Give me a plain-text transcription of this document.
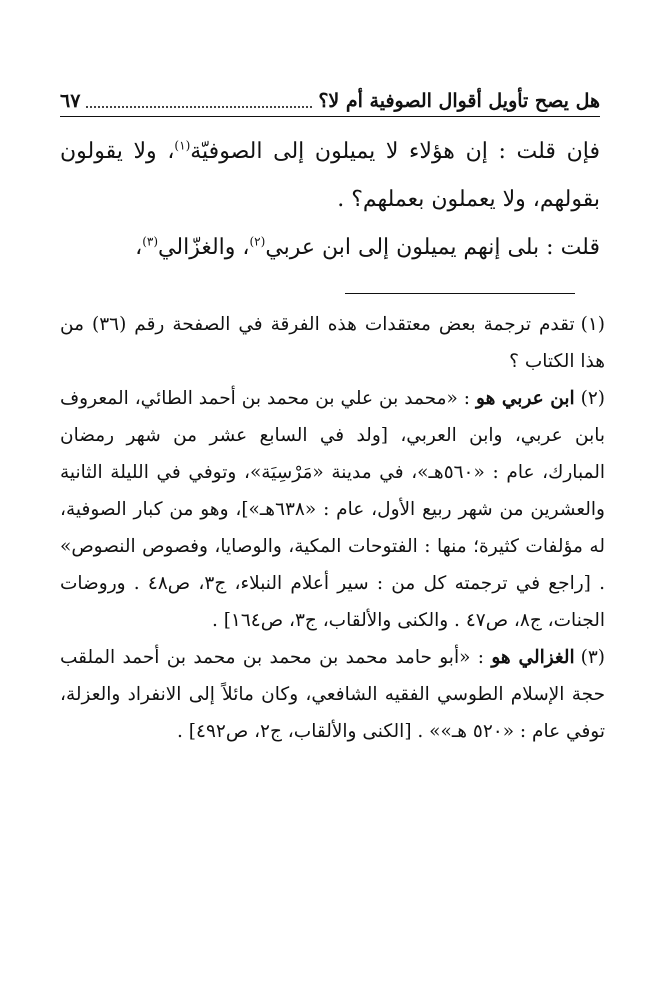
هل يصح تأويل أقوال الصوفية أم لا؟
٦٧

فإن قلت : إن هؤلاء لا يميلون إلى الصوفيّة$^{(١)}$، ولا يقولون بقولهم، ولا يعملون بعملهم؟ .

قلت : بلى إنهم يميلون إلى ابن عربي$^{(٢)}$، والغزّالي$^{(٣)}$،

(١)تقدم ترجمة بعض معتقدات هذه الفرقة في الصفحة رقم (٣٦) من هذا الكتاب ؟

(٢)ابن عربي هو : «محمد بن علي بن محمد بن أحمد الطائي، المعروف بابن عربي، وابن العربي، [ولد في السابع عشر من شهر رمضان المبارك، عام : «٥٦٠هـ»، في مدينة «مَرْسِيَة»، وتوفي في الليلة الثانية والعشرين من شهر ربيع الأول، عام : «٦٣٨هـ»]، وهو من كبار الصوفية، له مؤلفات كثيرة؛ منها : الفتوحات المكية، والوصايا، وفصوص النصوص» . [راجع في ترجمته كل من : سير أعلام النبلاء، ج٣، ص٤٨ . وروضات الجنات، ج٨، ص٤٧ . والكنى والألقاب، ج٣، ص١٦٤] .

(٣)الغزالي هو : «أبو حامد محمد بن محمد بن محمد بن أحمد الملقب حجة الإسلام الطوسي الفقيه الشافعي، وكان مائلاً إلى الانفراد والعزلة، توفي عام : «٥٢٠ هـ»» . [الكنى والألقاب، ج٢، ص٤٩٢] .
